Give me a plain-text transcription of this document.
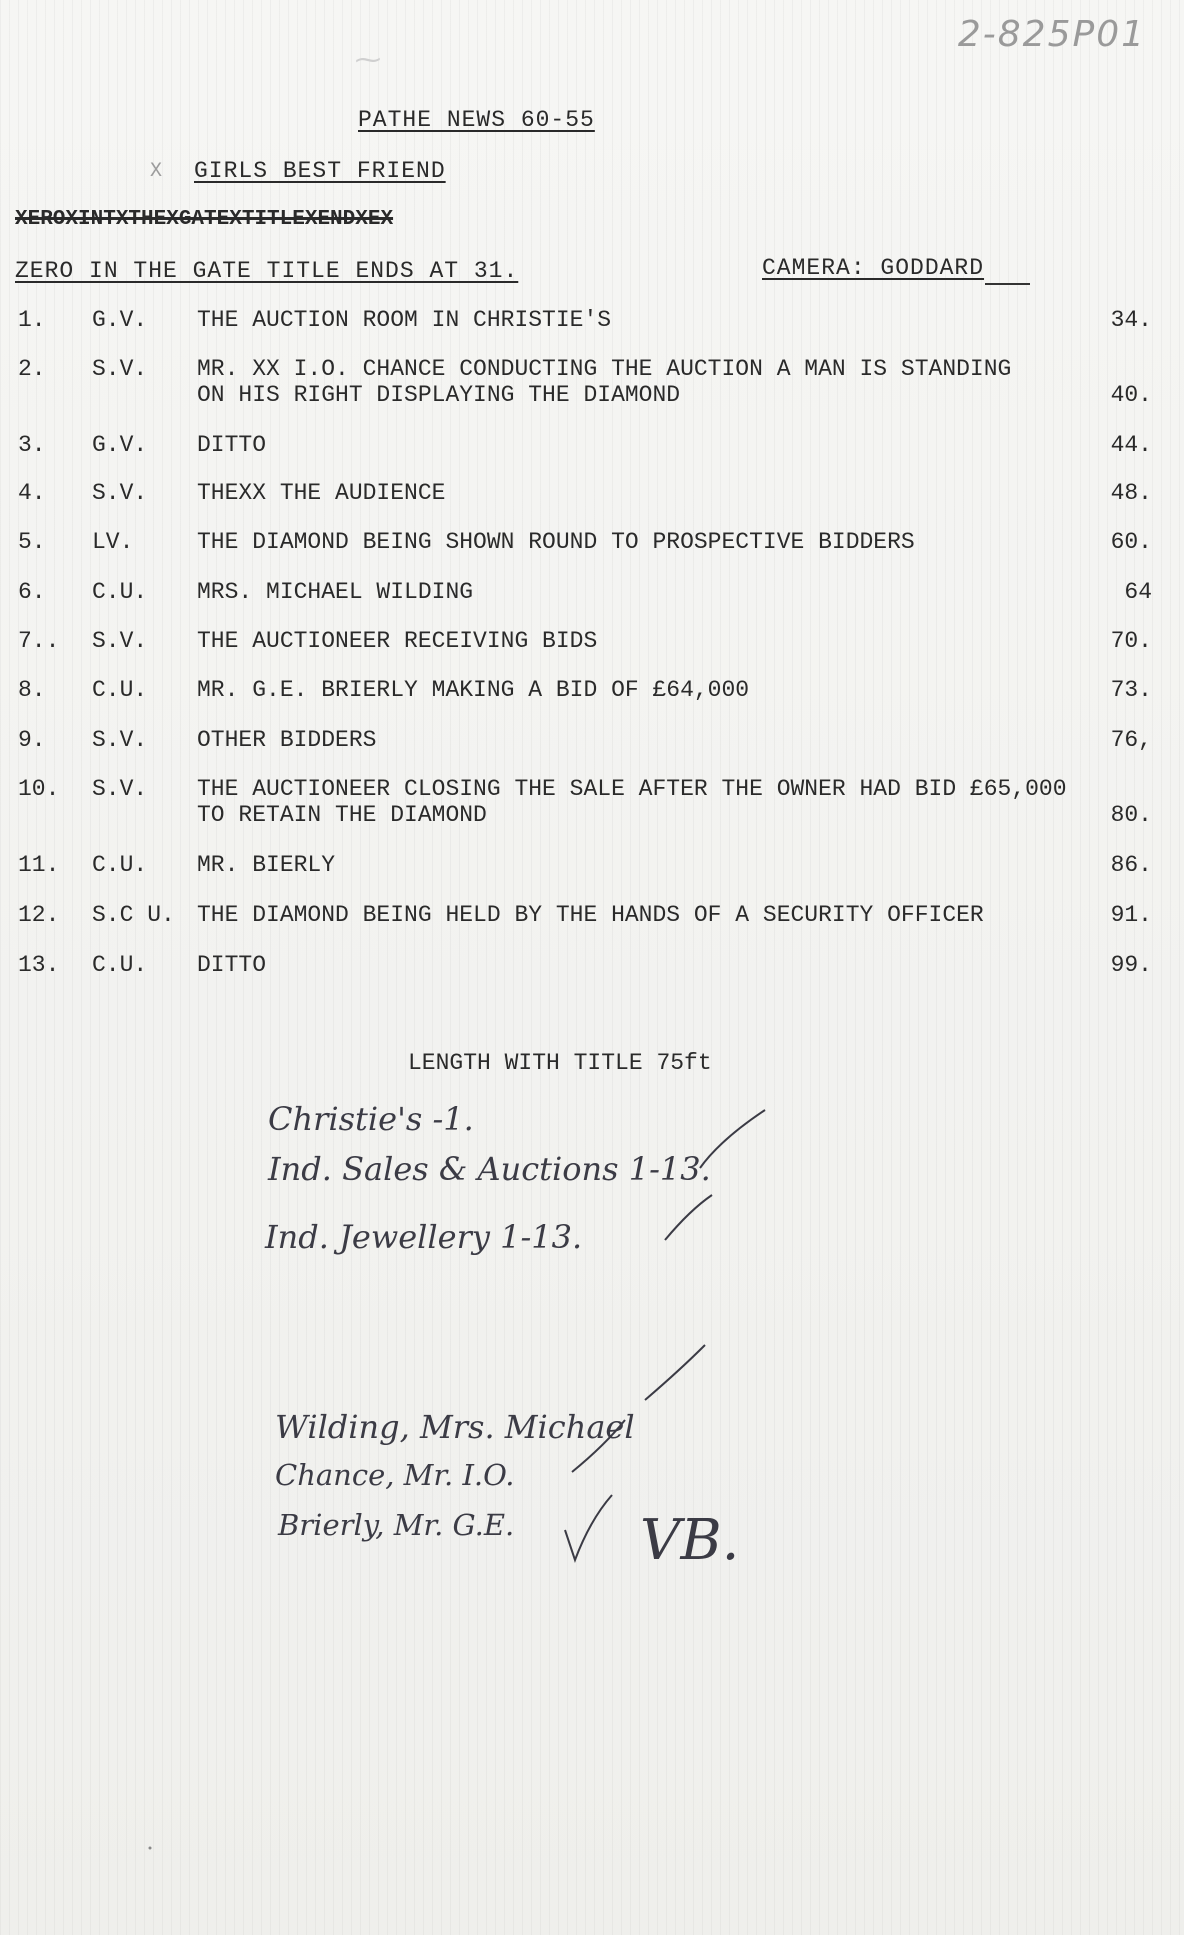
2-825P01
⁓
PATHE NEWS 60-55
X GIRLS BEST FRIEND
XEROXINTXTHEXGATEXTITLEXENDXEX
ZERO IN THE GATE TITLE ENDS AT 31.	CAMERA: GODDARD
1. G.V. THE AUCTION ROOM IN CHRISTIE'S	34.
2. S.V. MR. XX I.O. CHANCE CONDUCTING THE AUCTION A MAN IS STANDING
ON HIS RIGHT DISPLAYING THE DIAMOND	40.
3. G.V. DITTO	44.
4. S.V. THEXX THE AUDIENCE	48.
5. LV.	THE DIAMOND BEING SHOWN ROUND TO PROSPECTIVE BIDDERS	60.
6. C.U. MRS. MICHAEL WILDING	64
7.. S.V. THE AUCTIONEER RECEIVING BIDS	70.
8. C.U. MR. G.E. BRIERLY MAKING A BID OF £64,000	73.
9. S.V. OTHER BIDDERS	76,
10. S.V. THE AUCTIONEER CLOSING THE SALE AFTER THE OWNER HAD BID £65,000
TO RETAIN THE DIAMOND	80.
11. C.U. MR. BIERLY	86.
12. S.C U. THE DIAMOND BEING HELD BY THE HANDS OF A SECURITY OFFICER	91.
13. C.U. DITTO	99.
LENGTH WITH TITLE 75ft
Christie's -1.
Ind. Sales & Auctions 1-13.
Ind. Jewellery 1-13.
Wilding, Mrs. Michael
Chance, Mr. I.O.
Brierly, Mr. G.E. VB.
